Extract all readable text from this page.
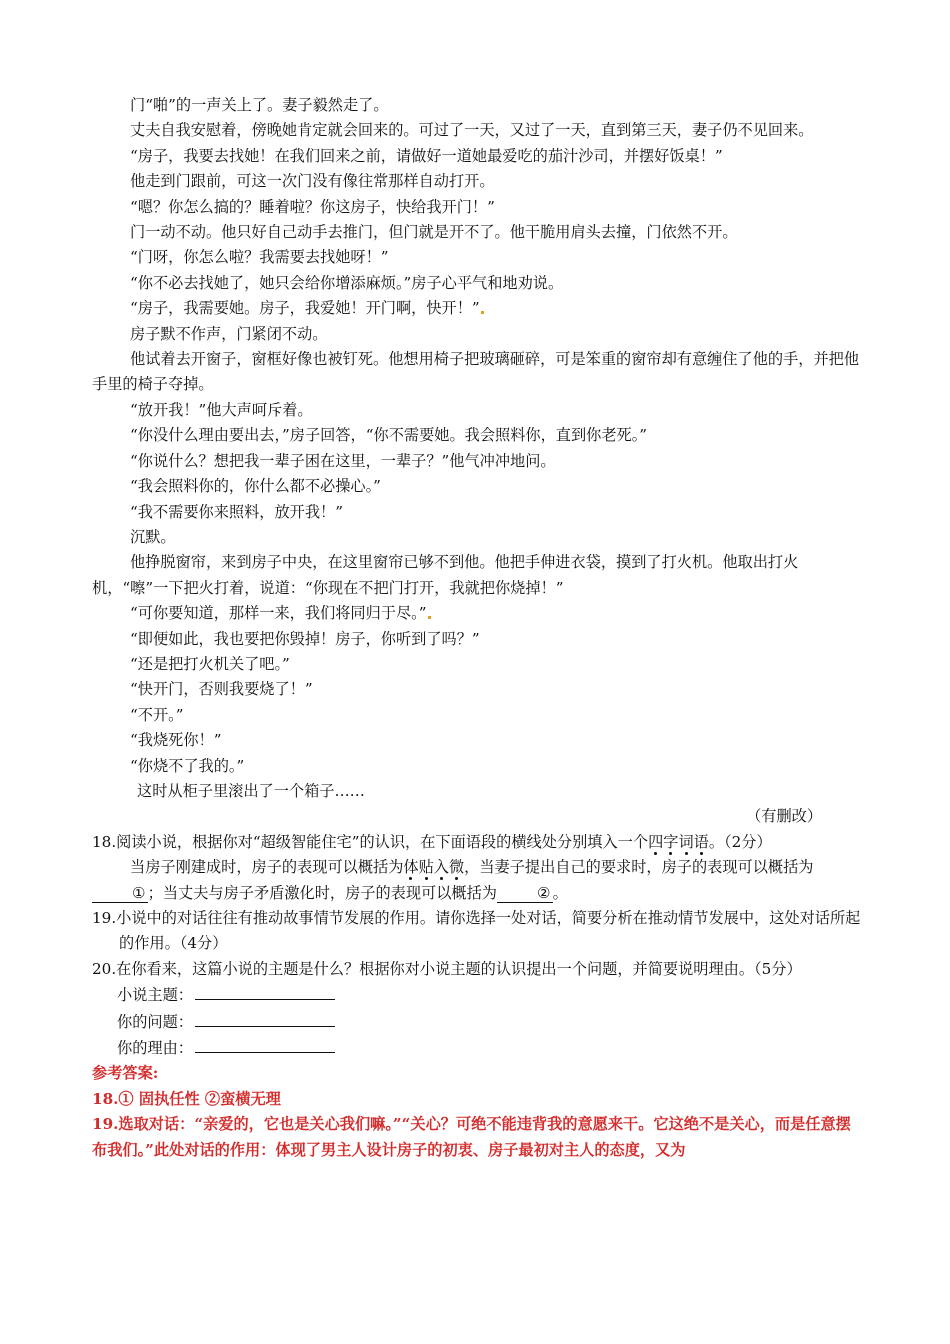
门“啪”的一声关上了。妻子毅然走了。

丈夫自我安慰着，傍晚她肯定就会回来的。可过了一天，又过了一天，直到第三天，妻子仍不见回来。

“房子，我要去找她！在我们回来之前，请做好一道她最爱吃的茄汁沙司，并摆好饭桌！”

他走到门跟前，可这一次门没有像往常那样自动打开。

“嗯？你怎么搞的？睡着啦？你这房子，快给我开门！”

门一动不动。他只好自己动手去推门，但门就是开不了。他干脆用肩头去撞，门依然不开。

“门呀，你怎么啦？我需要去找她呀！”

“你不必去找她了，她只会给你增添麻烦。”房子心平气和地劝说。

“房子，我需要她。房子，我爱她！开门啊，快开！”

房子默不作声，门紧闭不动。

他试着去开窗子，窗框好像也被钉死。他想用椅子把玻璃砸碎，可是笨重的窗帘却有意缠住了他的手，并把他手里的椅子夺掉。

“放开我！”他大声呵斥着。

“你没什么理由要出去，”房子回答，“你不需要她。我会照料你，直到你老死。”

“你说什么？想把我一辈子困在这里，一辈子？”他气冲冲地问。

“我会照料你的，你什么都不必操心。”

“我不需要你来照料，放开我！”

沉默。

他挣脱窗帘，来到房子中央，在这里窗帘已够不到他。他把手伸进衣袋，摸到了打火机。他取出打火机，“嚓”一下把火打着，说道：“你现在不把门打开，我就把你烧掉！”

“可你要知道，那样一来，我们将同归于尽。”

“即便如此，我也要把你毁掉！房子，你听到了吗？”

“还是把打火机关了吧。”

“快开门，否则我要烧了！”

“不开。”

“我烧死你！”

“你烧不了我的。”

这时从柜子里滚出了一个箱子……

（有删改）

18.阅读小说，根据你对“超级智能住宅”的认识，在下面语段的横线处分别填入一个四字词语。（2分）

当房子刚建成时，房子的表现可以概括为体贴入微，当妻子提出自己的要求时，房子的表现可以概括为① ；当丈夫与房子矛盾激化时，房子的表现可以概括为	② 。

19.小说中的对话往往有推动故事情节发展的作用。请你选择一处对话，简要分析在推动情节发展中，这处对话所起的作用。（4分）

20.在你看来，这篇小说的主题是什么？根据你对小说主题的认识提出一个问题，并简要说明理由。（5分）

小说主题：

你的问题：

你的理由：

参考答案:

18.① 固执任性 ②蛮横无理

19.选取对话：“亲爱的，它也是关心我们嘛。”“关心？可绝不能违背我的意愿来干。它这绝不是关心，而是任意摆布我们。”此处对话的作用：体现了男主人设计房子的初衷、房子最初对主人的态度，又为
